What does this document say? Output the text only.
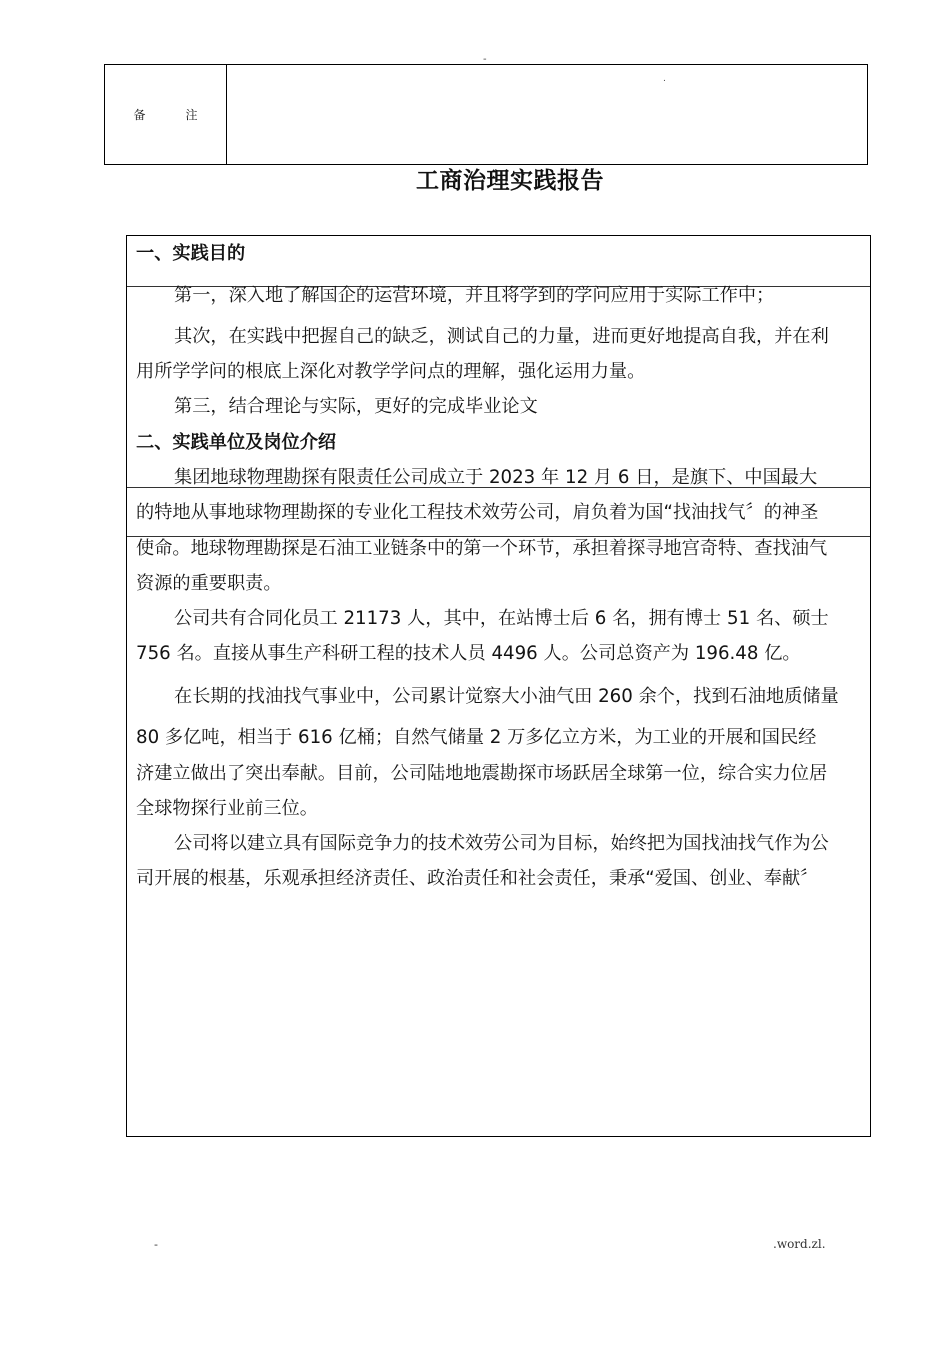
-
.
备	注
工商治理实践报告
一、实践目的
第一，深入地了解国企的运营环境，并且将学到的学问应用于实际工作中；
其次，在实践中把握自己的缺乏，测试自己的力量，进而更好地提高自我，并在利
用所学学问的根底上深化对教学学问点的理解，强化运用力量。
第三，结合理论与实际，更好的完成毕业论文
二、实践单位及岗位介绍
集团地球物理勘探有限责任公司成立于 2023 年 12 月 6 日，是旗下、中国最大
的特地从事地球物理勘探的专业化工程技术效劳公司，肩负着为国“找油找气〞的神圣
使命。地球物理勘探是石油工业链条中的第一个环节，承担着探寻地宫奇特、查找油气
资源的重要职责。
公司共有合同化员工 21173 人，其中，在站博士后 6 名，拥有博士 51 名、硕士
756 名。直接从事生产科研工程的技术人员 4496 人。公司总资产为 196.48 亿。
在长期的找油找气事业中，公司累计觉察大小油气田 260 余个，找到石油地质储量
80 多亿吨，相当于 616 亿桶；自然气储量 2 万多亿立方米，为工业的开展和国民经
济建立做出了突出奉献。目前，公司陆地地震勘探市场跃居全球第一位，综合实力位居
全球物探行业前三位。
公司将以建立具有国际竞争力的技术效劳公司为目标，始终把为国找油找气作为公
司开展的根基，乐观承担经济责任、政治责任和社会责任，秉承“爱国、创业、奉献〞
-	.word.zl.
